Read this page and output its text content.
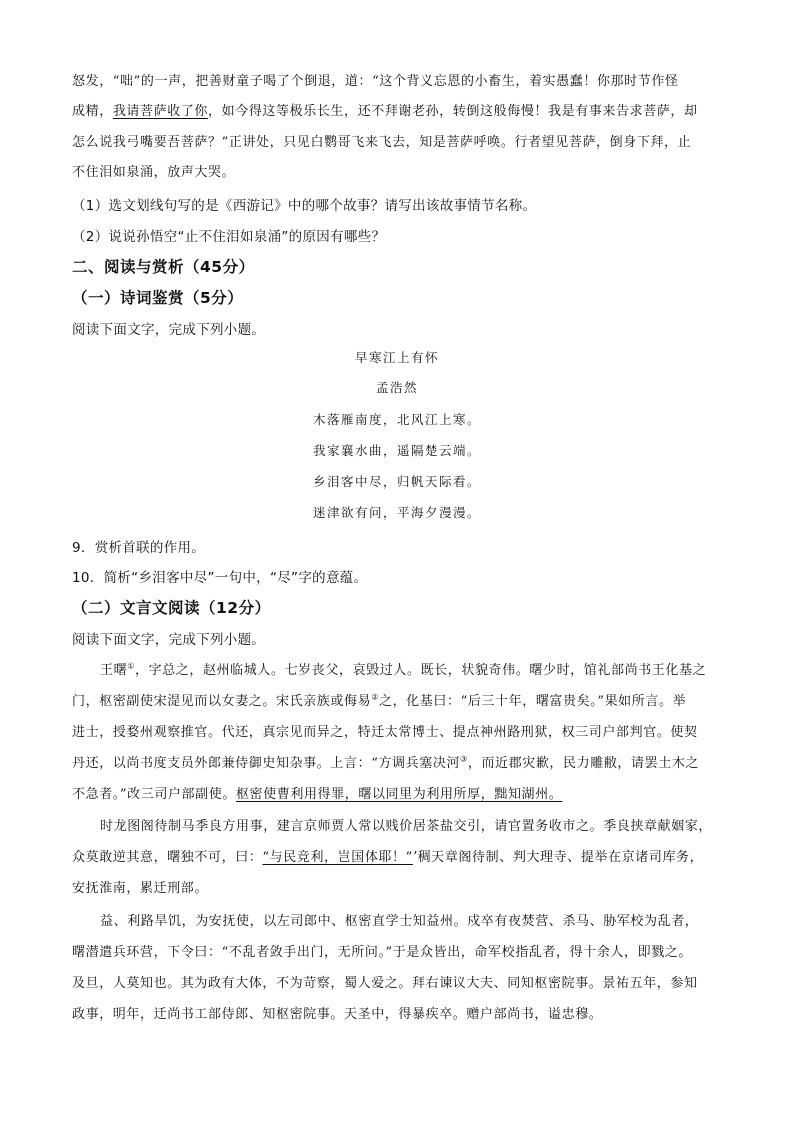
怒发，“咄”的一声，把善财童子喝了个倒退，道：“这个背义忘恩的小畜生，着实愚蠢！你那时节作怪
成精，我请菩萨收了你，如今得这等极乐长生，还不拜谢老孙，转倒这般侮慢！我是有事来告求菩萨，却
怎么说我弓嘴要吾菩萨？”正讲处，只见白鹦哥飞来飞去，知是菩萨呼唤。行者望见菩萨，倒身下拜，止
不住泪如泉涌，放声大哭。
（1）选文划线句写的是《西游记》中的哪个故事？请写出该故事情节名称。
（2）说说孙悟空“止不住泪如泉涌”的原因有哪些？
二、阅读与赏析（45分）
（一）诗词鉴赏（5分）
阅读下面文字，完成下列小题。
早寒江上有怀
孟浩然
木落雁南度，北风江上寒。
我家襄水曲，遥隔楚云端。
乡泪客中尽，归帆天际看。
迷津欲有问，平海夕漫漫。
9．赏析首联的作用。
10．简析“乡泪客中尽”一句中，“尽”字的意蕴。
（二）文言文阅读（12分）
阅读下面文字，完成下列小题。
王曙①，字总之，赵州临城人。七岁丧父，哀毁过人。既长，状貌奇伟。曙少时，馆礼部尚书王化基之
门，枢密副使宋湜见而以女妻之。宋氏亲族或侮易②之，化基曰：“后三十年，曙富贵矣。”果如所言。举
进士，授婺州观察推官。代还，真宗见而异之，特迁太常博士、提点神州路刑狱，权三司户部判官。使契
丹还，以尚书度支员外郎兼侍御史知杂事。上言：“方调兵塞决河③，而近郡灾歉，民力雕敝，请罢土木之
不急者。”改三司户部副使。枢密使曹利用得罪，曙以同里为利用所厚，黜知湖州。
时龙图阁待制马季良方用事，建言京师贾人常以贱价居茶盐交引，请官置务收市之。季良挟章献姻家，
众莫敢逆其意，曙独不可，曰：“与民竞利，岂国体耶！”ʼ稠天章阁待制、判大理寺、提举在京诸司库务，
安抚淮南，累迁刑部。
益、利路旱饥，为安抚使，以左司郎中、枢密直学士知益州。戍卒有夜焚营、杀马、胁军校为乱者，
曙潜遣兵环营，下令曰：“不乱者敛手出门，无所问。”于是众皆出，命军校指乱者，得十余人，即戮之。
及旦，人莫知也。其为政有大体，不为苛察，蜀人爱之。拜右谏议大夫、同知枢密院事。景祐五年，参知
政事，明年，迁尚书工部侍郎、知枢密院事。天圣中，得暴疾卒。赠户部尚书，谥忠穆。
